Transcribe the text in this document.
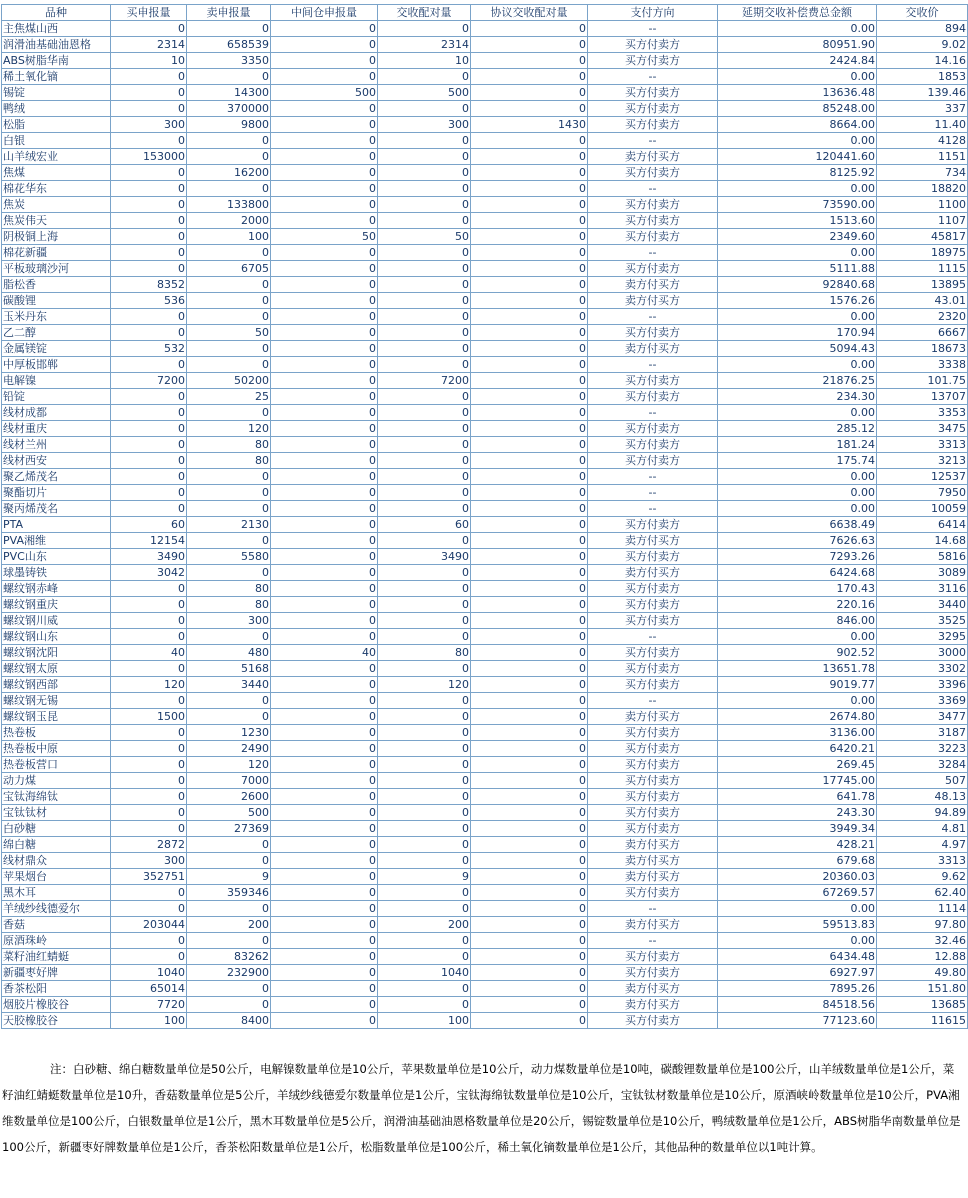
品种	买申报量	卖申报量	中间仓申报量	交收配对量	协议交收配对量	支付方向	延期交收补偿费总金额	交收价
主焦煤山西	0	0	0	0	0	--	0.00	894
润滑油基础油恩格	2314	658539	0	2314	0	买方付卖方	80951.90	9.02
ABS树脂华南	10	3350	0	10	0	买方付卖方	2424.84	14.16
稀土氧化镝	0	0	0	0	0	--	0.00	1853
锡锭	0	14300	500	500	0	买方付卖方	13636.48	139.46
鸭绒	0	370000	0	0	0	买方付卖方	85248.00	337
松脂	300	9800	0	300	1430	买方付卖方	8664.00	11.40
白银	0	0	0	0	0	--	0.00	4128
山羊绒宏业	153000	0	0	0	0	卖方付买方	120441.60	1151
焦煤	0	16200	0	0	0	买方付卖方	8125.92	734
棉花华东	0	0	0	0	0	--	0.00	18820
焦炭	0	133800	0	0	0	买方付卖方	73590.00	1100
焦炭伟天	0	2000	0	0	0	买方付卖方	1513.60	1107
阴极铜上海	0	100	50	50	0	买方付卖方	2349.60	45817
棉花新疆	0	0	0	0	0	--	0.00	18975
平板玻璃沙河	0	6705	0	0	0	买方付卖方	5111.88	1115
脂松香	8352	0	0	0	0	卖方付买方	92840.68	13895
碳酸锂	536	0	0	0	0	卖方付买方	1576.26	43.01
玉米丹东	0	0	0	0	0	--	0.00	2320
乙二醇	0	50	0	0	0	买方付卖方	170.94	6667
金属镁锭	532	0	0	0	0	卖方付买方	5094.43	18673
中厚板邯郸	0	0	0	0	0	--	0.00	3338
电解镍	7200	50200	0	7200	0	买方付卖方	21876.25	101.75
铅锭	0	25	0	0	0	买方付卖方	234.30	13707
线材成都	0	0	0	0	0	--	0.00	3353
线材重庆	0	120	0	0	0	买方付卖方	285.12	3475
线材兰州	0	80	0	0	0	买方付卖方	181.24	3313
线材西安	0	80	0	0	0	买方付卖方	175.74	3213
聚乙烯茂名	0	0	0	0	0	--	0.00	12537
聚酯切片	0	0	0	0	0	--	0.00	7950
聚丙烯茂名	0	0	0	0	0	--	0.00	10059
PTA	60	2130	0	60	0	买方付卖方	6638.49	6414
PVA湘维	12154	0	0	0	0	卖方付买方	7626.63	14.68
PVC山东	3490	5580	0	3490	0	买方付卖方	7293.26	5816
球墨铸铁	3042	0	0	0	0	卖方付买方	6424.68	3089
螺纹钢赤峰	0	80	0	0	0	买方付卖方	170.43	3116
螺纹钢重庆	0	80	0	0	0	买方付卖方	220.16	3440
螺纹钢川威	0	300	0	0	0	买方付卖方	846.00	3525
螺纹钢山东	0	0	0	0	0	--	0.00	3295
螺纹钢沈阳	40	480	40	80	0	买方付卖方	902.52	3000
螺纹钢太原	0	5168	0	0	0	买方付卖方	13651.78	3302
螺纹钢西部	120	3440	0	120	0	买方付卖方	9019.77	3396
螺纹钢无锡	0	0	0	0	0	--	0.00	3369
螺纹钢玉昆	1500	0	0	0	0	卖方付买方	2674.80	3477
热卷板	0	1230	0	0	0	买方付卖方	3136.00	3187
热卷板中原	0	2490	0	0	0	买方付卖方	6420.21	3223
热卷板营口	0	120	0	0	0	买方付卖方	269.45	3284
动力煤	0	7000	0	0	0	买方付卖方	17745.00	507
宝钛海绵钛	0	2600	0	0	0	买方付卖方	641.78	48.13
宝钛钛材	0	500	0	0	0	买方付卖方	243.30	94.89
白砂糖	0	27369	0	0	0	买方付卖方	3949.34	4.81
绵白糖	2872	0	0	0	0	卖方付买方	428.21	4.97
线材鼎众	300	0	0	0	0	卖方付买方	679.68	3313
苹果烟台	352751	9	0	9	0	卖方付买方	20360.03	9.62
黑木耳	0	359346	0	0	0	买方付卖方	67269.57	62.40
羊绒纱线德爱尔	0	0	0	0	0	--	0.00	1114
香菇	203044	200	0	200	0	卖方付买方	59513.83	97.80
原酒珠岭	0	0	0	0	0	--	0.00	32.46
菜籽油红蜻蜓	0	83262	0	0	0	买方付卖方	6434.48	12.88
新疆枣好牌	1040	232900	0	1040	0	买方付卖方	6927.97	49.80
香茶松阳	65014	0	0	0	0	卖方付买方	7895.26	151.80
烟胶片橡胶谷	7720	0	0	0	0	卖方付买方	84518.56	13685
天胶橡胶谷	100	8400	0	100	0	买方付卖方	77123.60	11615

注：白砂糖、绵白糖数量单位是50公斤，电解镍数量单位是10公斤，苹果数量单位是10公斤，动力煤数量单位是10吨，碳酸锂数量单位是100公斤，山羊绒数量单位是1公斤，菜籽油红蜻蜓数量单位是10升，香菇数量单位是5公斤，羊绒纱线德爱尔数量单位是1公斤，宝钛海绵钛数量单位是10公斤，宝钛钛材数量单位是10公斤，原酒峡岭数量单位是10公斤，PVA湘维数量单位是100公斤，白银数量单位是1公斤，黑木耳数量单位是5公斤，润滑油基础油恩格数量单位是20公斤，锡锭数量单位是10公斤，鸭绒数量单位是1公斤，ABS树脂华南数量单位是100公斤，新疆枣好牌数量单位是1公斤，香茶松阳数量单位是1公斤，松脂数量单位是100公斤，稀土氧化镝数量单位是1公斤，其他品种的数量单位以1吨计算。
